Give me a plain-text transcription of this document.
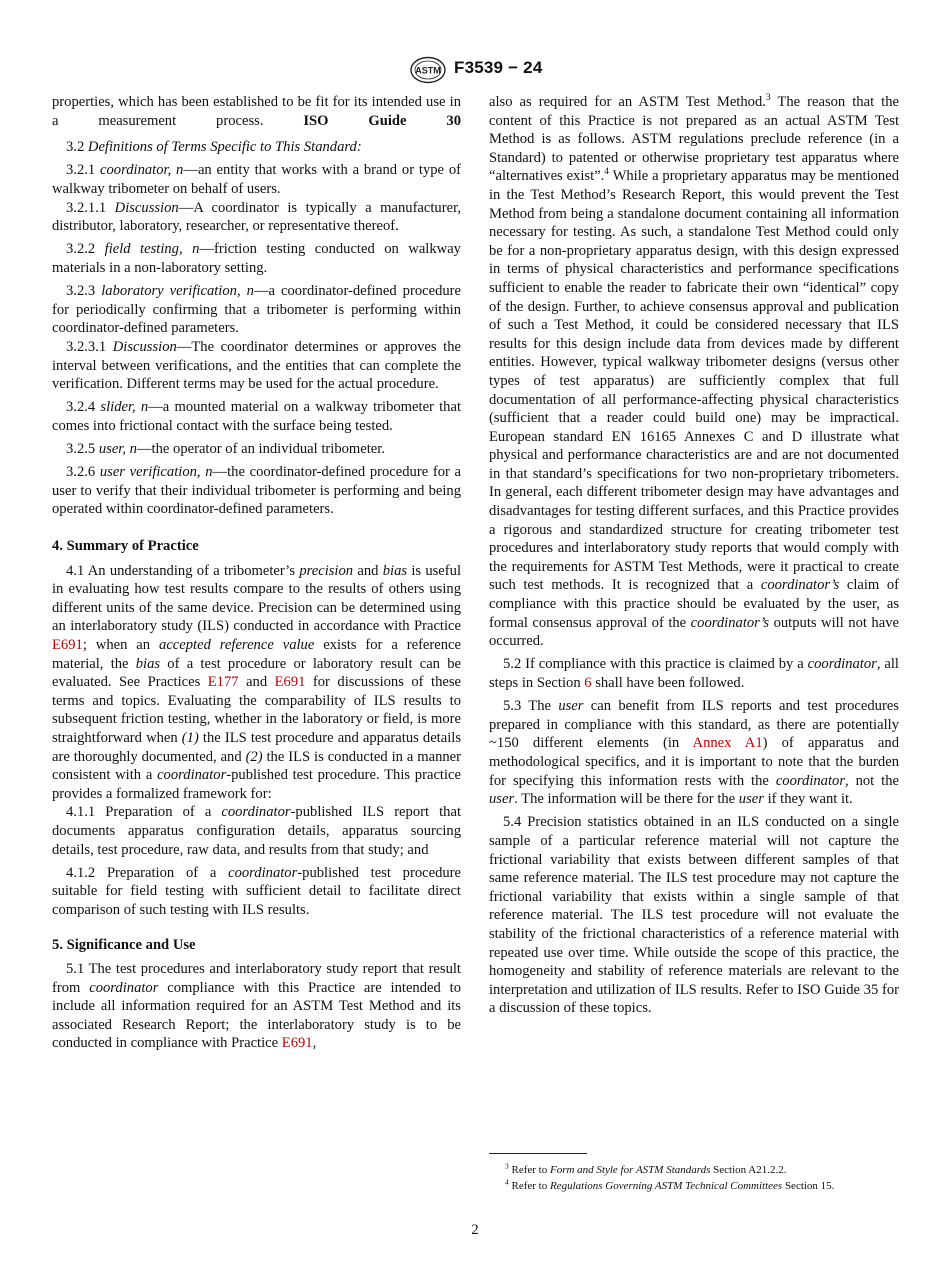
ASTM F3539 − 24

properties, which has been established to be fit for its intended use in a measurement process.	ISO Guide 30

3.2 Definitions of Terms Specific to This Standard:

3.2.1 coordinator, n—an entity that works with a brand or type of walkway tribometer on behalf of users.

3.2.1.1 Discussion—A coordinator is typically a manufacturer, distributor, laboratory, researcher, or representative thereof.

3.2.2 field testing, n—friction testing conducted on walkway materials in a non-laboratory setting.

3.2.3 laboratory verification, n—a coordinator-defined procedure for periodically confirming that a tribometer is performing within coordinator-defined parameters.

3.2.3.1 Discussion—The coordinator determines or approves the interval between verifications, and the entities that can complete the verification. Different terms may be used for the actual procedure.

3.2.4 slider, n—a mounted material on a walkway tribometer that comes into frictional contact with the surface being tested.

3.2.5 user, n—the operator of an individual tribometer.

3.2.6 user verification, n—the coordinator-defined procedure for a user to verify that their individual tribometer is performing and being operated within coordinator-defined parameters.

4. Summary of Practice

4.1 An understanding of a tribometer’s precision and bias is useful in evaluating how test results compare to the results of others using different units of the same device. Precision can be determined using an interlaboratory study (ILS) conducted in accordance with Practice E691; when an accepted reference value exists for a reference material, the bias of a test procedure or laboratory result can be evaluated. See Practices E177 and E691 for discussions of these terms and topics. Evaluating the comparability of ILS results to subsequent friction testing, whether in the laboratory or field, is more straightforward when (1) the ILS test procedure and apparatus details are thoroughly documented, and (2) the ILS is conducted in a manner consistent with a coordinator-published test procedure. This practice provides a formalized framework for:

4.1.1 Preparation of a coordinator-published ILS report that documents apparatus configuration details, apparatus sourcing details, test procedure, raw data, and results from that study; and

4.1.2 Preparation of a coordinator-published test procedure suitable for field testing with sufficient detail to facilitate direct comparison of such testing with ILS results.

5. Significance and Use

5.1 The test procedures and interlaboratory study report that result from coordinator compliance with this Practice are intended to include all information required for an ASTM Test Method and its associated Research Report; the interlaboratory study is to be conducted in compliance with Practice E691,

also as required for an ASTM Test Method.$^3$ The reason that the content of this Practice is not prepared as an actual ASTM Test Method is as follows. ASTM regulations preclude reference (in a Standard) to patented or otherwise proprietary test apparatus where “alternatives exist”.$^4$ While a proprietary apparatus may be mentioned in the Test Method’s Research Report, this would prevent the Test Method from being a standalone document containing all information necessary for testing. As such, a standalone Test Method could only be for a non-proprietary apparatus design, with this design expressed in terms of physical characteristics and performance specifications sufficient to enable the reader to fabricate their own “identical” copy of the design. Further, to achieve consensus approval and publication of such a Test Method, it could be considered necessary that ILS results for this design include data from devices made by different entities. However, typical walkway tribometer designs (versus other types of test apparatus) are sufficiently complex that full documentation of all performance-affecting physical characteristics (sufficient that a reader could build one) may be impractical. European standard EN 16165 Annexes C and D illustrate what physical and performance characteristics are and are not documented in that standard’s specifications for two non-proprietary tribometers. In general, each different tribometer design may have advantages and disadvantages for testing different surfaces, and this Practice provides a rigorous and standardized structure for creating tribometer test procedures and interlaboratory study reports that would comply with the requirements for ASTM Test Methods, were it practical to create such test methods. It is recognized that a coordinator’s claim of compliance with this practice should be evaluated by the user, as formal consensus approval of the coordinator’s outputs will not have occurred.

5.2 If compliance with this practice is claimed by a coordinator, all steps in Section 6 shall have been followed.

5.3 The user can benefit from ILS reports and test procedures prepared in compliance with this standard, as there are potentially ~150 different elements (in Annex A1) of apparatus and methodological specifics, and it is important to note that the burden for specifying this information rests with the coordinator, not the user. The information will be there for the user if they want it.

5.4 Precision statistics obtained in an ILS conducted on a single sample of a particular reference material will not capture the frictional variability that exists between different samples of that same reference material. The ILS test procedure may not capture the frictional variability that exists within a single sample of that reference material. The ILS test procedure will not evaluate the stability of the frictional characteristics of a reference material with repeated use over time. While outside the scope of this practice, the homogeneity and stability of reference materials are relevant to the interpretation and utilization of ILS results. Refer to ISO Guide 35 for a discussion of these topics.

$^3$ Refer to Form and Style for ASTM Standards Section A21.2.2.

$^4$ Refer to Regulations Governing ASTM Technical Committees Section 15.

2
